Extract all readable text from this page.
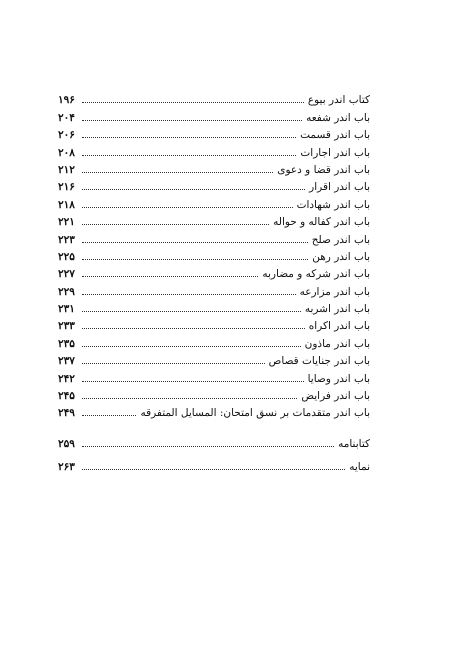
کتاب اندر بیوع
۱۹۶
باب اندر شفعه
۲۰۴
باب اندر قسمت
۲۰۶
باب اندر اجارات
۲۰۸
باب اندر قضا و دعوی
۲۱۲
باب اندر اقرار
۲۱۶
باب اندر شهادات
۲۱۸
باب اندر کفاله و حواله
۲۲۱
باب اندر صلح
۲۲۳
باب اندر رهن
۲۲۵
باب اندر شرکه و مضاربه
۲۲۷
باب اندر مزارعه
۲۲۹
باب اندر اشربه
۲۳۱
باب اندر اکراه
۲۳۳
باب اندر ماذون
۲۳۵
باب اندر جنایات قصاص
۲۳۷
باب اندر وصایا
۲۴۲
باب اندر فرایض
۲۴۵
باب اندر متقدمات بر نسق امتحان: المسایل المتفرقه
۲۴۹
کتابنامه
۲۵۹
نمایه
۲۶۳
